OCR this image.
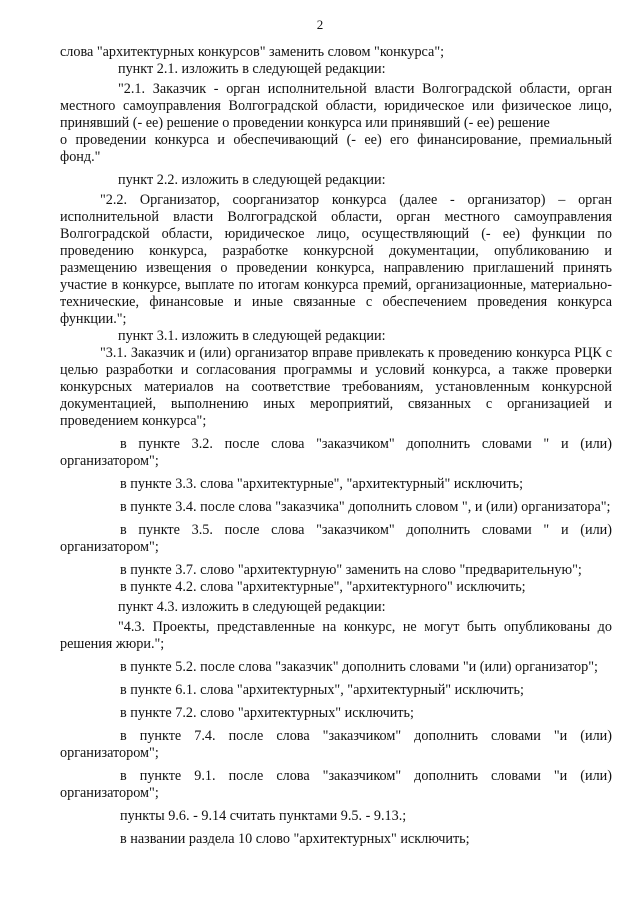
2

слова "архитектурных конкурсов" заменить словом "конкурса";

пункт 2.1. изложить в следующей редакции:

"2.1. Заказчик - орган исполнительной власти Волгоградской области, орган местного самоуправления Волгоградской области, юридическое или физическое лицо, принявший (- ее) решение о проведении конкурса или принявший (- ее) решение

о проведении конкурса и обеспечивающий (- ее) его финансирование, премиальный фонд."

пункт 2.2. изложить в следующей редакции:

"2.2. Организатор, соорганизатор конкурса (далее - организатор) – орган исполнительной власти Волгоградской области, орган местного самоуправления Волгоградской области, юридическое лицо, осуществляющий (- ее) функции по проведению конкурса, разработке конкурсной документации, опубликованию и размещению извещения о проведении конкурса, направлению приглашений принять участие в конкурсе, выплате по итогам конкурса премий, организационные, материально-технические, финансовые и иные связанные с обеспечением проведения конкурса функции.";

пункт 3.1. изложить в следующей редакции:

"3.1. Заказчик и (или) организатор вправе привлекать к проведению конкурса РЦК с целью разработки и согласования программы и условий конкурса, а также проверки конкурсных материалов на соответствие требованиям, установленным конкурсной документацией, выполнению иных мероприятий, связанных с организацией и проведением конкурса";

в пункте 3.2. после слова "заказчиком" дополнить словами " и (или) организатором";

в пункте 3.3. слова "архитектурные", "архитектурный" исключить;

в пункте 3.4. после слова "заказчика" дополнить словом ", и (или) организатора";

в пункте 3.5. после слова "заказчиком" дополнить словами " и (или) организатором";

в пункте 3.7. слово "архитектурную" заменить на слово "предварительную";

в пункте 4.2. слова "архитектурные", "архитектурного" исключить;

пункт 4.3. изложить в следующей редакции:

"4.3. Проекты, представленные на конкурс, не могут быть опубликованы до решения жюри.";

в пункте 5.2. после слова "заказчик" дополнить словами "и (или) организатор";

в пункте 6.1. слова "архитектурных", "архитектурный" исключить;

в пункте 7.2. слово "архитектурных" исключить;

в пункте 7.4. после слова "заказчиком" дополнить словами "и (или) организатором";

в пункте 9.1. после слова "заказчиком" дополнить словами "и (или) организатором";

пункты 9.6. - 9.14 считать пунктами 9.5. - 9.13.;

в названии раздела 10 слово "архитектурных" исключить;
